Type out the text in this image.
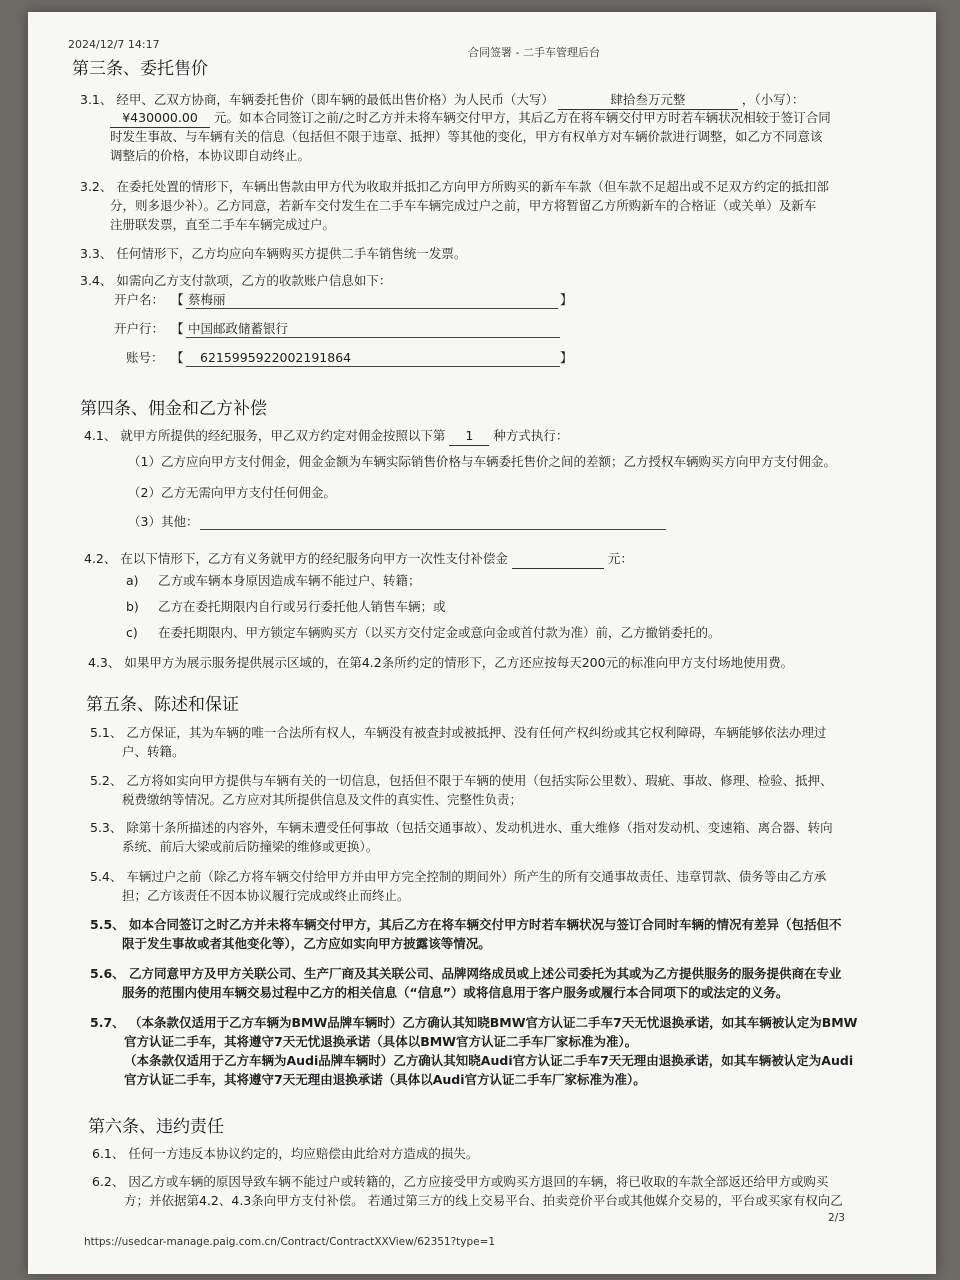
2024/12/7 14:17
合同签署 - 二手车管理后台
第三条、委托售价
3.1、 经甲、乙双方协商，车辆委托售价（即车辆的最低出售价格）为人民币（大写）	肆拾叁万元整	，（小写）：
¥430000.00 元。如本合同签订之前/之时乙方并未将车辆交付甲方，其后乙方在将车辆交付甲方时若车辆状况相较于签订合同
时发生事故、与车辆有关的信息（包括但不限于违章、抵押）等其他的变化，甲方有权单方对车辆价款进行调整，如乙方不同意该
调整后的价格，本协议即自动终止。
3.2、 在委托处置的情形下，车辆出售款由甲方代为收取并抵扣乙方向甲方所购买的新车车款（但车款不足超出或不足双方约定的抵扣部
分，则多退少补）。乙方同意，若新车交付发生在二手车车辆完成过户之前，甲方将暂留乙方所购新车的合格证（或关单）及新车
注册联发票，直至二手车车辆完成过户。
3.3、 任何情形下，乙方均应向车辆购买方提供二手车销售统一发票。
3.4、 如需向乙方支付款项，乙方的收款账户信息如下：
开户名： 【 蔡梅丽	】
开户行： 【 中国邮政储蓄银行
账号： 【 6215995922002191864	】
第四条、佣金和乙方补偿
4.1、 就甲方所提供的经纪服务，甲乙双方约定对佣金按照以下第 1 种方式执行：
（1）乙方应向甲方支付佣金，佣金金额为车辆实际销售价格与车辆委托售价之间的差额；乙方授权车辆购买方向甲方支付佣金。
（2）乙方无需向甲方支付任何佣金。
（3）其他：
4.2、 在以下情形下，乙方有义务就甲方的经纪服务向甲方一次性支付补偿金	元：
a) 乙方或车辆本身原因造成车辆不能过户、转籍；
b) 乙方在委托期限内自行或另行委托他人销售车辆；或
c) 在委托期限内、甲方锁定车辆购买方（以买方交付定金或意向金或首付款为准）前，乙方撤销委托的。
4.3、 如果甲方为展示服务提供展示区域的，在第4.2条所约定的情形下，乙方还应按每天200元的标准向甲方支付场地使用费。
第五条、陈述和保证
5.1、 乙方保证，其为车辆的唯一合法所有权人，车辆没有被查封或被抵押、没有任何产权纠纷或其它权利障碍，车辆能够依法办理过
户、转籍。
5.2、 乙方将如实向甲方提供与车辆有关的一切信息，包括但不限于车辆的使用（包括实际公里数）、瑕疵、事故、修理、检验、抵押、
税费缴纳等情况。乙方应对其所提供信息及文件的真实性、完整性负责；
5.3、 除第十条所描述的内容外，车辆未遭受任何事故（包括交通事故）、发动机进水、重大维修（指对发动机、变速箱、离合器、转向
系统、前后大梁或前后防撞梁的维修或更换）。
5.4、 车辆过户之前（除乙方将车辆交付给甲方并由甲方完全控制的期间外）所产生的所有交通事故责任、违章罚款、债务等由乙方承
担；乙方该责任不因本协议履行完成或终止而终止。
5.5、 如本合同签订之时乙方并未将车辆交付甲方，其后乙方在将车辆交付甲方时若车辆状况与签订合同时车辆的情况有差异（包括但不
限于发生事故或者其他变化等），乙方应如实向甲方披露该等情况。
5.6、 乙方同意甲方及甲方关联公司、生产厂商及其关联公司、品牌网络成员或上述公司委托为其或为乙方提供服务的服务提供商在专业
服务的范围内使用车辆交易过程中乙方的相关信息（“信息”）或将信息用于客户服务或履行本合同项下的或法定的义务。
5.7、 （本条款仅适用于乙方车辆为BMW品牌车辆时）乙方确认其知晓BMW官方认证二手车7天无忧退换承诺，如其车辆被认定为BMW
官方认证二手车，其将遵守7天无忧退换承诺（具体以BMW官方认证二手车厂家标准为准）。
（本条款仅适用于乙方车辆为Audi品牌车辆时）乙方确认其知晓Audi官方认证二手车7天无理由退换承诺，如其车辆被认定为Audi
官方认证二手车，其将遵守7天无理由退换承诺（具体以Audi官方认证二手车厂家标准为准）。
第六条、违约责任
6.1、 任何一方违反本协议约定的，均应赔偿由此给对方造成的损失。
6.2、 因乙方或车辆的原因导致车辆不能过户或转籍的，乙方应接受甲方或购买方退回的车辆，将已收取的车款全部返还给甲方或购买
方；并依据第4.2、4.3条向甲方支付补偿。 若通过第三方的线上交易平台、拍卖竞价平台或其他媒介交易的，平台或买家有权向乙
2/3
https://usedcar-manage.paig.com.cn/Contract/ContractXXView/62351?type=1
